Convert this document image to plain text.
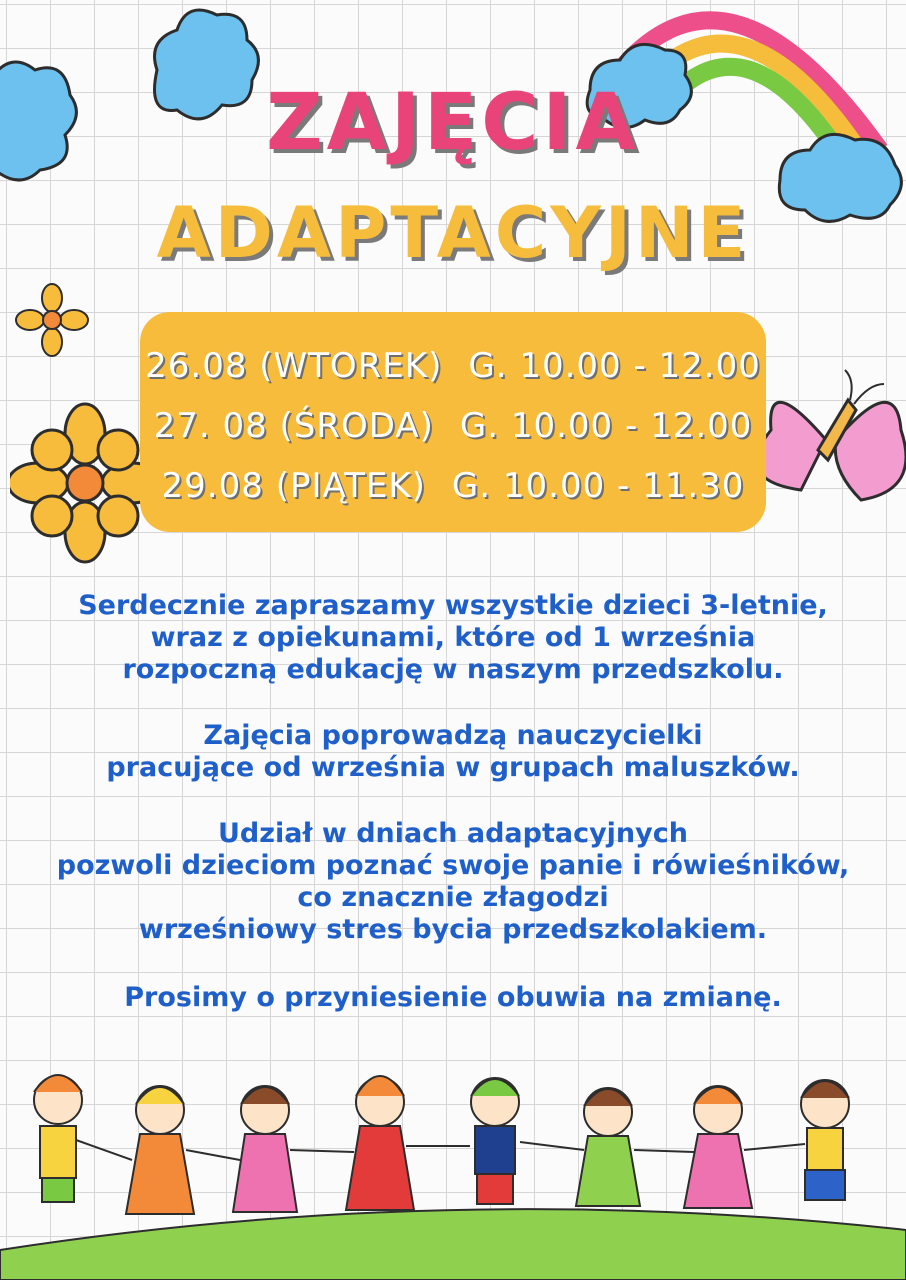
ZAJĘCIA
ADAPTACYJNE
26.08 (WTOREK) G. 10.00 - 12.00
27. 08 (ŚRODA) G. 10.00 - 12.00
29.08 (PIĄTEK) G. 10.00 - 11.30
Serdecznie zapraszamy wszystkie dzieci 3-letnie,
wraz z opiekunami, które od 1 września
rozpoczną edukację w naszym przedszkolu.
Zajęcia poprowadzą nauczycielki
pracujące od września w grupach maluszków.
Udział w dniach adaptacyjnych
pozwoli dzieciom poznać swoje panie i rówieśników,
co znacznie złagodzi
wrześniowy stres bycia przedszkolakiem.
Prosimy o przyniesienie obuwia na zmianę.
